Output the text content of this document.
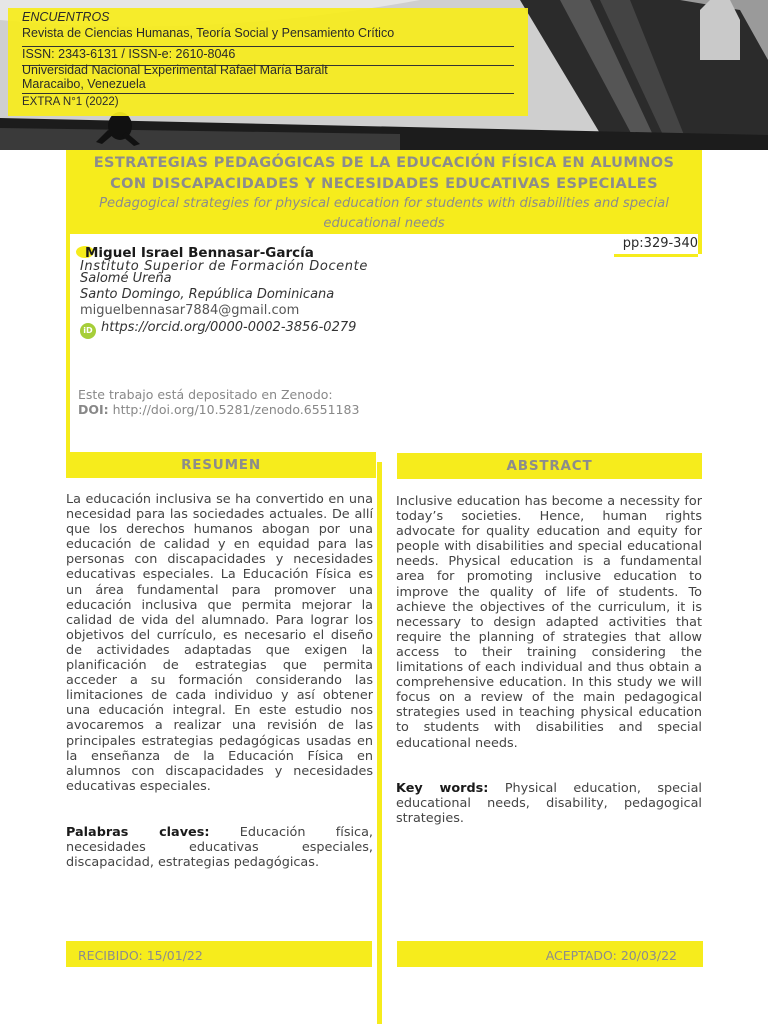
ENCUENTROS
Revista de Ciencias Humanas, Teoría Social y Pensamiento Crítico
ISSN: 2343-6131 / ISSN-e: 2610-8046
Universidad Nacional Experimental Rafael María Baralt
Maracaibo, Venezuela
EXTRA N°1 (2022)
ESTRATEGIAS PEDAGÓGICAS DE LA EDUCACIÓN FÍSICA EN ALUMNOS
CON DISCAPACIDADES Y NECESIDADES EDUCATIVAS ESPECIALES
Pedagogical strategies for physical education for students with disabilities and special
educational needs
pp:329-340
Miguel Israel Bennasar-García
Instituto Superior de Formación Docente
Salomé Ureña
Santo Domingo, República Dominicana
miguelbennasar7884@gmail.com
iD https://orcid.org/0000-0002-3856-0279
Este trabajo está depositado en Zenodo:
DOI: http://doi.org/10.5281/zenodo.6551183
RESUMEN	ABSTRACT
La educación inclusiva se ha convertido en una necesidad para las sociedades actuales. De allí que los derechos humanos abogan por una educación de calidad y en equidad para las personas con discapacidades y necesidades educativas especiales. La Educación Física es un área fundamental para promover una educación inclusiva que permita mejorar la calidad de vida del alumnado. Para lograr los objetivos del currículo, es necesario el diseño de actividades adaptadas que exigen la planificación de estrategias que permita acceder a su formación considerando las limitaciones de cada individuo y así obtener una educación integral. En este estudio nos avocaremos a realizar una revisión de las principales estrategias pedagógicas usadas en la enseñanza de la Educación Física en alumnos con discapacidades y necesidades educativas especiales.
Palabras claves: Educación física, necesidades educativas especiales, discapacidad, estrategias pedagógicas.
Inclusive education has become a necessity for today’s societies. Hence, human rights advocate for quality education and equity for people with disabilities and special educational needs. Physical education is a fundamental area for promoting inclusive education to improve the quality of life of students. To achieve the objectives of the curriculum, it is necessary to design adapted activities that require the planning of strategies that allow access to their training considering the limitations of each individual and thus obtain a comprehensive education. In this study we will focus on a review of the main pedagogical strategies used in teaching physical education to students with disabilities and special educational needs.
Key words: Physical education, special educational needs, disability, pedagogical strategies.
RECIBIDO: 15/01/22	ACEPTADO: 20/03/22
